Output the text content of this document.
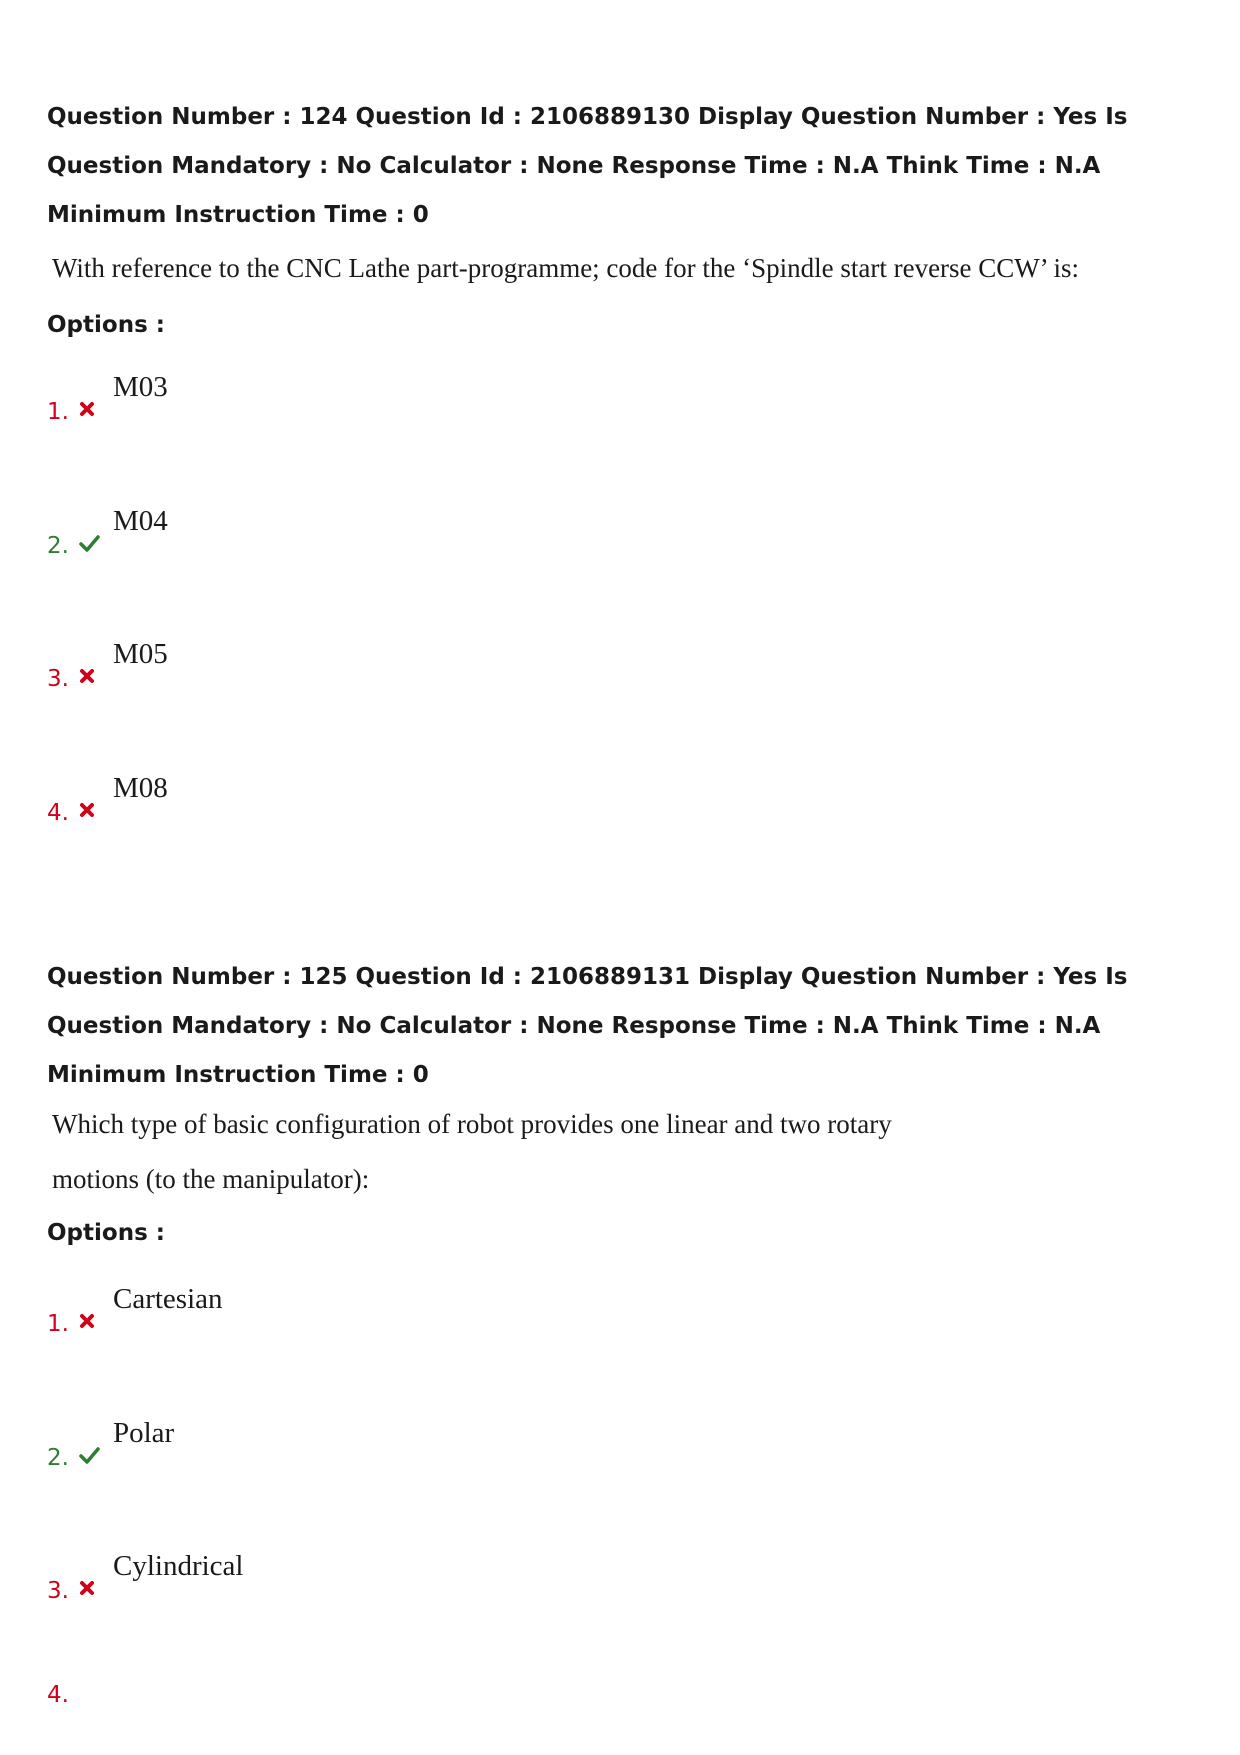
Question Number : 124 Question Id : 2106889130 Display Question Number : Yes Is Question Mandatory : No Calculator : None Response Time : N.A Think Time : N.A Minimum Instruction Time : 0

With reference to the CNC Lathe part-programme; code for the ‘Spindle start reverse CCW’ is:

Options :

1.
M03
2.
M04
3.
M05
4.
M08

Question Number : 125 Question Id : 2106889131 Display Question Number : Yes Is Question Mandatory : No Calculator : None Response Time : N.A Think Time : N.A Minimum Instruction Time : 0

Which type of basic configuration of robot provides one linear and two rotary motions (to the manipulator):

Options :

1.
Cartesian
2.
Polar
3.
Cylindrical
4.
